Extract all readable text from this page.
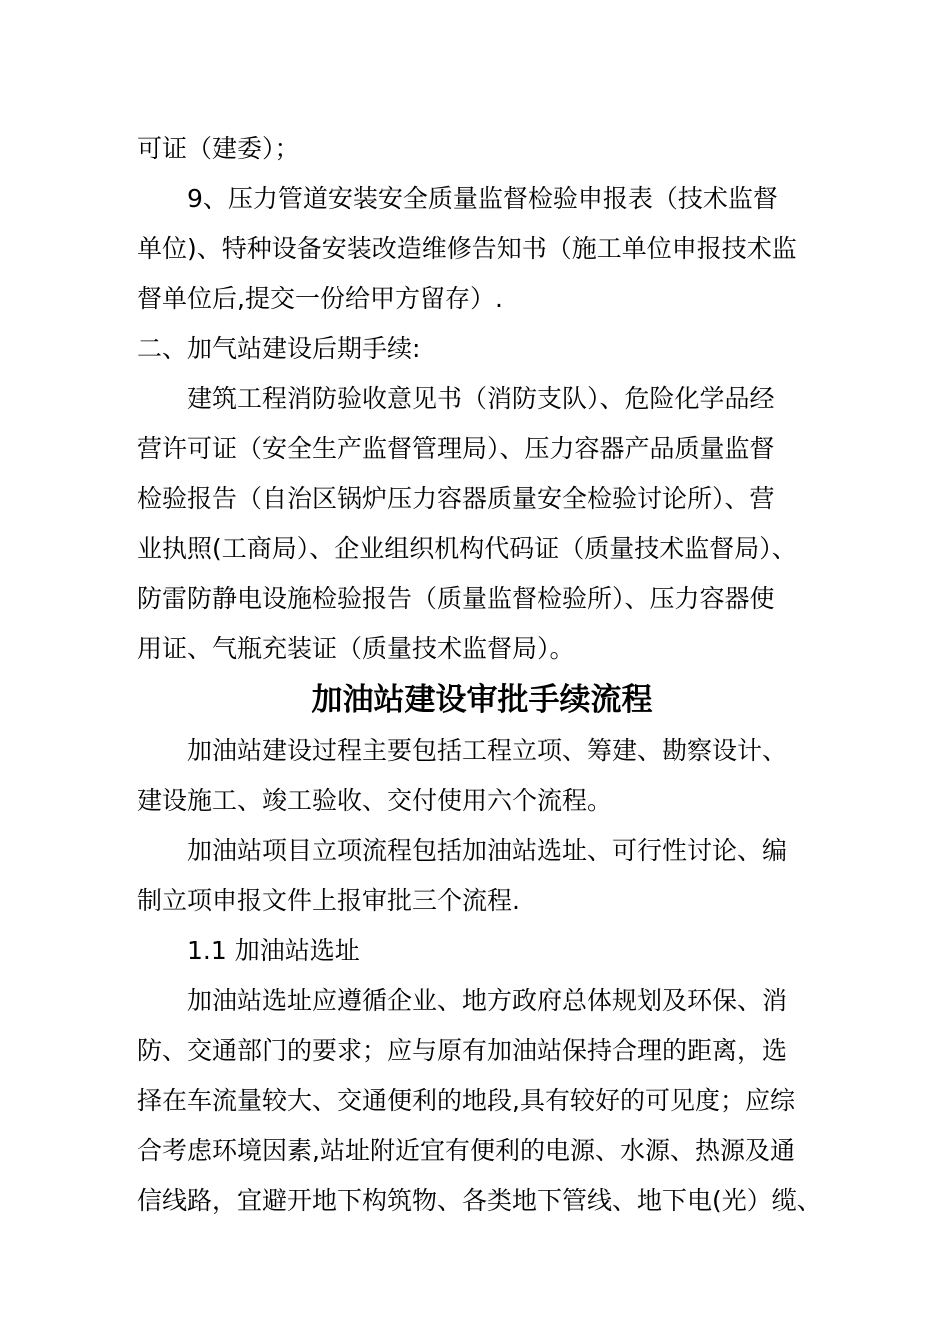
可证（建委）；
9、压力管道安装安全质量监督检验申报表（技术监督
单位)、特种设备安装改造维修告知书（施工单位申报技术监
督单位后,提交一份给甲方留存）.
二、加气站建设后期手续:
建筑工程消防验收意见书（消防支队）、危险化学品经
营许可证（安全生产监督管理局）、压力容器产品质量监督
检验报告（自治区锅炉压力容器质量安全检验讨论所）、营
业执照(工商局）、企业组织机构代码证（质量技术监督局）、
防雷防静电设施检验报告（质量监督检验所）、压力容器使
用证、气瓶充装证（质量技术监督局）。
加油站建设审批手续流程
加油站建设过程主要包括工程立项、筹建、勘察设计、
建设施工、竣工验收、交付使用六个流程。
加油站项目立项流程包括加油站选址、可行性讨论、编
制立项申报文件上报审批三个流程.
1.1 加油站选址
加油站选址应遵循企业、地方政府总体规划及环保、消
防、交通部门的要求；应与原有加油站保持合理的距离，选
择在车流量较大、交通便利的地段,具有较好的可见度；应综
合考虑环境因素,站址附近宜有便利的电源、水源、热源及通
信线路，宜避开地下构筑物、各类地下管线、地下电(光）缆、
